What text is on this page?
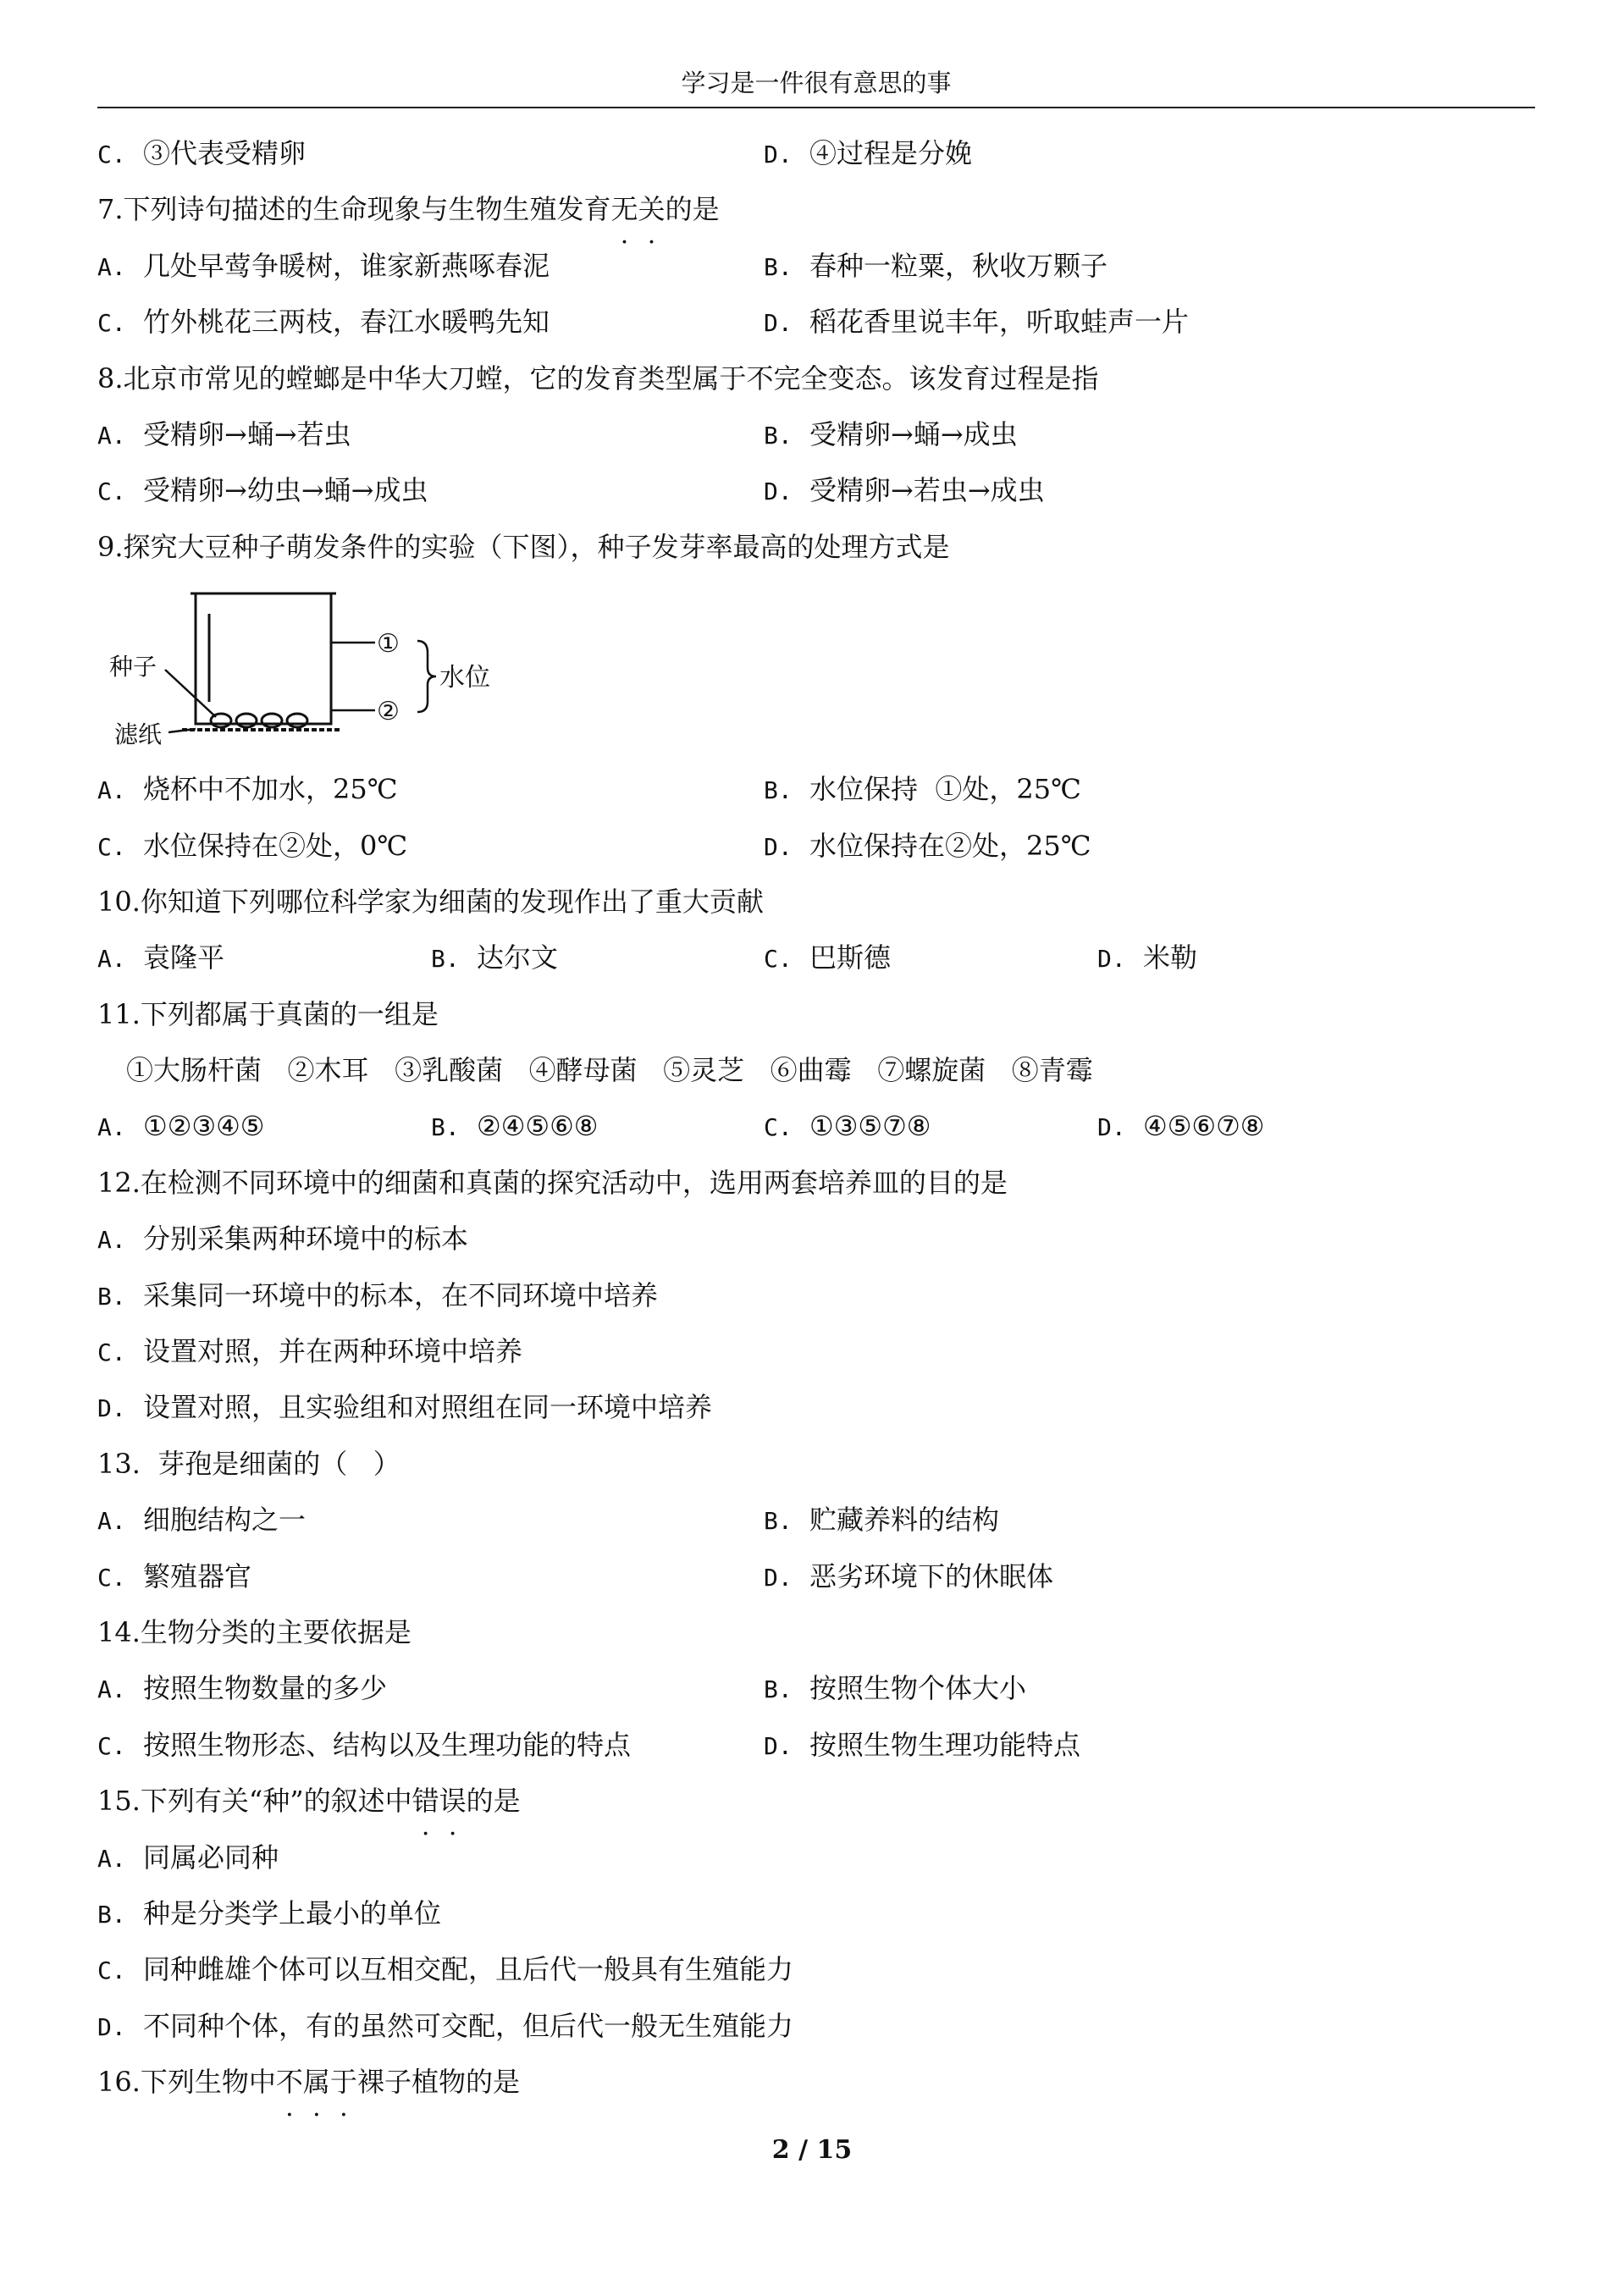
学习是一件很有意思的事
C. ③代表受精卵	D. ④过程是分娩
7.下列诗句描述的生命现象与生物生殖发育无关的是
A. 几处早莺争暖树，谁家新燕啄春泥	B. 春种一粒粟，秋收万颗子
C. 竹外桃花三两枝，春江水暖鸭先知	D. 稻花香里说丰年，听取蛙声一片
8.北京市常见的螳螂是中华大刀螳，它的发育类型属于不完全变态。该发育过程是指
A. 受精卵→蛹→若虫	B. 受精卵→蛹→成虫
C. 受精卵→幼虫→蛹→成虫	D. 受精卵→若虫→成虫
9.探究大豆种子萌发条件的实验（下图），种子发芽率最高的处理方式是
种子
滤纸
①
②
水位
A. 烧杯中不加水，25℃	B. 水位保持  ①处，25℃
C. 水位保持在②处，0℃	D. 水位保持在②处，25℃
10.你知道下列哪位科学家为细菌的发现作出了重大贡献
A. 袁隆平	B. 达尔文	C. 巴斯德	D. 米勒
11.下列都属于真菌的一组是
①大肠杆菌 ②木耳 ③乳酸菌 ④酵母菌 ⑤灵芝 ⑥曲霉 ⑦螺旋菌 ⑧青霉
A. ①②③④⑤	B. ②④⑤⑥⑧	C. ①③⑤⑦⑧	D. ④⑤⑥⑦⑧
12.在检测不同环境中的细菌和真菌的探究活动中，选用两套培养皿的目的是
A. 分别采集两种环境中的标本
B. 采集同一环境中的标本，在不同环境中培养
C. 设置对照，并在两种环境中培养
D. 设置对照，且实验组和对照组在同一环境中培养
13.  芽孢是细菌的（   ）
A. 细胞结构之一	B. 贮藏养料的结构
C. 繁殖器官	D. 恶劣环境下的休眠体
14.生物分类的主要依据是
A. 按照生物数量的多少	B. 按照生物个体大小
C. 按照生物形态、结构以及生理功能的特点	D. 按照生物生理功能特点
15.下列有关“种”的叙述中错误的是
A. 同属必同种
B. 种是分类学上最小的单位
C. 同种雌雄个体可以互相交配，且后代一般具有生殖能力
D. 不同种个体，有的虽然可交配，但后代一般无生殖能力
16.下列生物中不属于裸子植物的是
2 / 15
